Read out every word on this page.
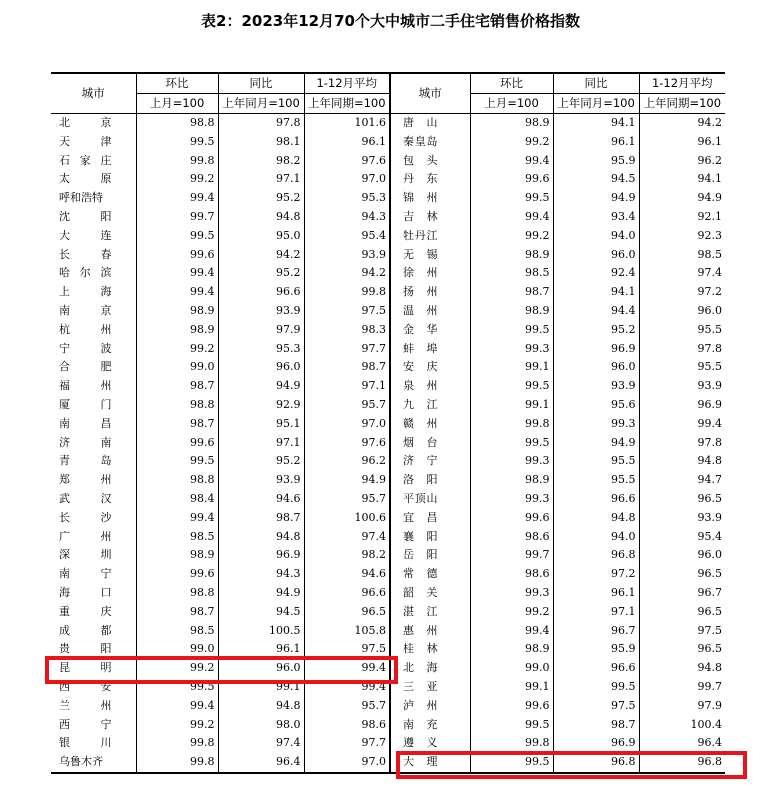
表2：2023年12月70个大中城市二手住宅销售价格指数
城市	环比	同比	1-12月平均	城市	环比	同比	1-12月平均
	上月=100	上年同月=100	上年同期=100		上月=100	上年同月=100	上年同期=100
北京	98.8	97.8	101.6	唐山	98.9	94.1	94.2
天津	99.5	98.1	96.1	秦皇岛	99.2	96.1	96.1
石家庄	99.8	98.2	97.6	包头	99.4	95.9	96.2
太原	99.2	97.1	97.0	丹东	99.6	94.5	94.1
呼和浩特	99.4	95.2	95.3	锦州	99.5	94.9	94.9
沈阳	99.7	94.8	94.3	吉林	99.4	93.4	92.1
大连	99.5	95.0	95.4	牡丹江	99.2	94.0	92.3
长春	99.6	94.2	93.9	无锡	98.9	96.0	98.5
哈尔滨	99.4	95.2	94.2	徐州	98.5	92.4	97.4
上海	99.4	96.6	99.8	扬州	98.7	94.1	97.2
南京	98.9	93.9	97.5	温州	98.9	94.4	96.0
杭州	98.9	97.9	98.3	金华	99.5	95.2	95.5
宁波	99.2	95.3	97.7	蚌埠	99.3	96.9	97.8
合肥	99.0	96.0	98.7	安庆	99.1	96.0	95.5
福州	98.7	94.9	97.1	泉州	99.5	93.9	93.9
厦门	98.8	92.9	95.7	九江	99.1	95.6	96.9
南昌	98.7	95.1	97.0	赣州	99.8	99.3	99.4
济南	99.6	97.1	97.6	烟台	99.5	94.9	97.8
青岛	99.5	95.2	96.2	济宁	99.3	95.5	94.8
郑州	98.8	93.9	94.9	洛阳	98.9	95.5	94.7
武汉	98.4	94.6	95.7	平顶山	99.3	96.6	96.5
长沙	99.4	98.7	100.6	宜昌	99.6	94.8	93.9
广州	98.5	94.8	97.4	襄阳	98.6	94.0	95.4
深圳	98.9	96.9	98.2	岳阳	99.7	96.8	96.0
南宁	99.6	94.3	94.6	常德	98.6	97.2	96.5
海口	98.8	94.9	96.6	韶关	99.3	96.1	96.7
重庆	98.7	94.5	96.5	湛江	99.2	97.1	96.5
成都	98.5	100.5	105.8	惠州	99.4	96.7	97.5
贵阳	99.0	96.1	97.5	桂林	98.9	95.9	96.5
昆明	99.2	96.0	99.4	北海	99.0	96.6	94.8
西安	99.5	99.1	99.4	三亚	99.1	99.5	99.7
兰州	99.4	94.8	95.7	泸州	99.6	97.5	97.9
西宁	99.2	98.0	98.6	南充	99.5	98.7	100.4
银川	99.8	97.4	97.7	遵义	99.8	96.9	96.4
乌鲁木齐	99.8	96.4	97.0	大理	99.5	96.8	96.8
